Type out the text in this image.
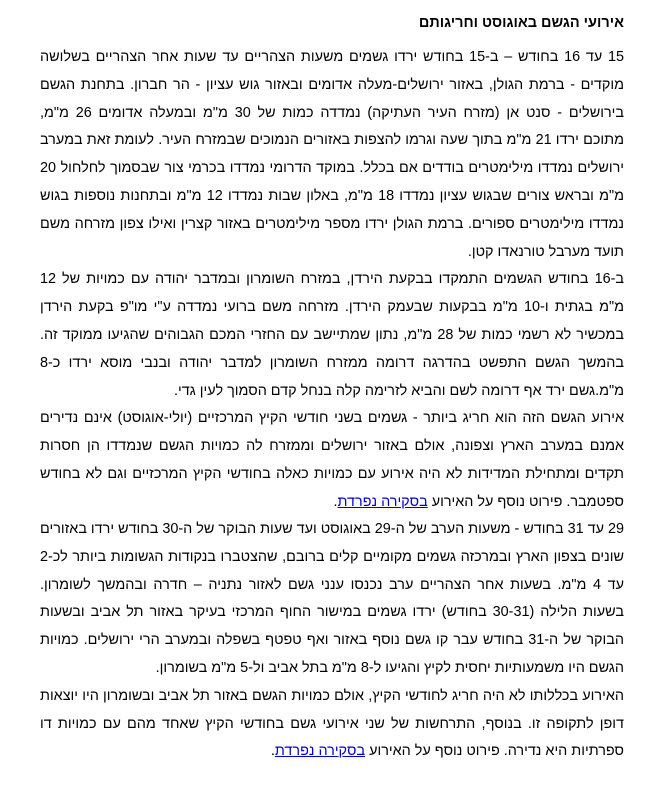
אירועי הגשם באוגוסט וחריגותם

15 עד 16 בחודש – ב-15 בחודש ירדו גשמים משעות הצהריים עד שעות אחר הצהריים בשלושה מוקדים - ברמת הגולן, באזור ירושלים-מעלה אדומים ובאזור גוש עציון - הר חברון. בתחנת הגשם בירושלים - סנט אן (מזרח העיר העתיקה) נמדדה כמות של 30 מ"מ ובמעלה אדומים 26 מ"מ, מתוכם ירדו 21 מ"מ בתוך שעה וגרמו להצפות באזורים הנמוכים שבמזרח העיר. לעומת זאת במערב ירושלים נמדדו מילימטרים בודדים אם בכלל. במוקד הדרומי נמדדו בכרמי צור שבסמוך לחלחול 20 מ"מ ובראש צורים שבגוש עציון נמדדו 18 מ"מ, באלון שבות נמדדו 12 מ"מ ובתחנות נוספות בגוש נמדדו מילימטרים ספורים. ברמת הגולן ירדו מספר מילימטרים באזור קצרין ואילו צפון מזרחה משם תועד מערבל טורנאדו קטן.

ב-16 בחודש הגשמים התמקדו בבקעת הירדן, במזרח השומרון ובמדבר יהודה עם כמויות של 12 מ"מ בגתית ו-10 מ"מ בבקעות שבעמק הירדן. מזרחה משם ברועי נמדדה ע"י מו"פ בקעת הירדן במכשיר לא רשמי כמות של 28 מ"מ, נתון שמתיישב עם החזרי המכם הגבוהים שהגיעו ממוקד זה. בהמשך הגשם התפשט בהדרגה דרומה ממזרח השומרון למדבר יהודה ובנבי מוסא ירדו כ-8 מ"מ.גשם ירד אף דרומה לשם והביא לזרימה קלה בנחל קדם הסמוך לעין גדי.

אירוע הגשם הזה הוא חריג ביותר - גשמים בשני חודשי הקיץ המרכזיים (יולי-אוגוסט) אינם נדירים אמנם במערב הארץ וצפונה, אולם באזור ירושלים וממזרח לה כמויות הגשם שנמדדו הן חסרות תקדים ומתחילת המדידות לא היה אירוע עם כמויות כאלה בחודשי הקיץ המרכזיים וגם לא בחודש ספטמבר. פירוט נוסף על האירוע בסקירה נפרדת.

29 עד 31 בחודש - משעות הערב של ה-29 באוגוסט ועד שעות הבוקר של ה-30 בחודש ירדו באזורים שונים בצפון הארץ ובמרכזה גשמים מקומיים קלים ברובם, שהצטברו בנקודות הגשומות ביותר לכ-2 עד 4 מ"מ. בשעות אחר הצהריים ערב נכנסו ענני גשם לאזור נתניה – חדרה ובהמשך לשומרון. בשעות הלילה (30-31 בחודש) ירדו גשמים במישור החוף המרכזי בעיקר באזור תל אביב ובשעות הבוקר של ה-31 בחודש עבר קו גשם נוסף באזור ואף טפטף בשפלה ובמערב הרי ירושלים. כמויות הגשם היו משמעותיות יחסית לקיץ והגיעו ל-8 מ"מ בתל אביב ול-5 מ"מ בשומרון.

האירוע בכללותו לא היה חריג לחודשי הקיץ, אולם כמויות הגשם באזור תל אביב ובשומרון היו יוצאות דופן לתקופה זו. בנוסף, התרחשות של שני אירועי גשם בחודשי הקיץ שאחד מהם עם כמויות דו ספרתיות היא נדירה. פירוט נוסף על האירוע בסקירה נפרדת.
